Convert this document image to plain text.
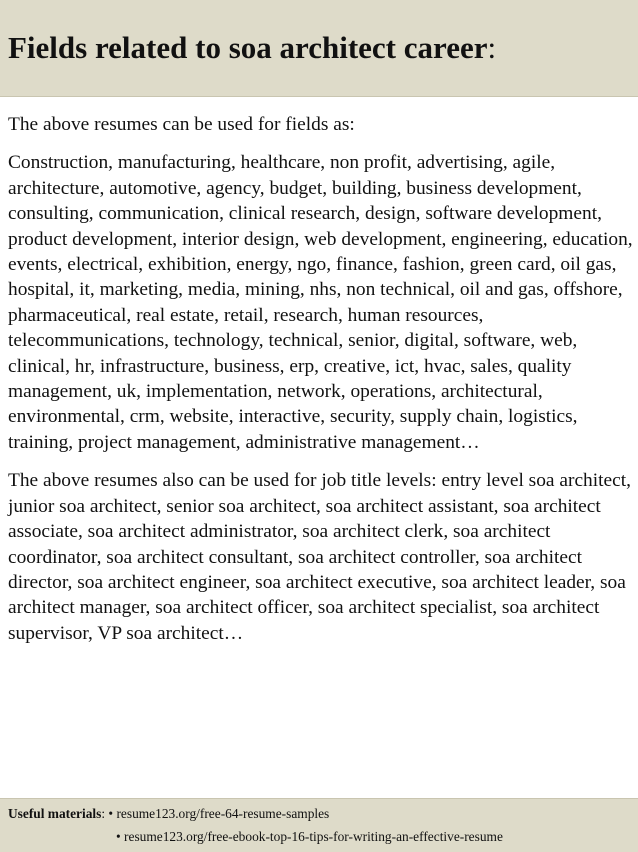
Fields related to soa architect career:

The above resumes can be used for fields as:

Construction, manufacturing, healthcare, non profit, advertising, agile, architecture, automotive, agency, budget, building, business development, consulting, communication, clinical research, design, software development, product development, interior design, web development, engineering, education, events, electrical, exhibition, energy, ngo, finance, fashion, green card, oil gas, hospital, it, marketing, media, mining, nhs, non technical, oil and gas, offshore, pharmaceutical, real estate, retail, research, human resources, telecommunications, technology, technical, senior, digital, software, web, clinical, hr, infrastructure, business, erp, creative, ict, hvac, sales, quality management, uk, implementation, network, operations, architectural, environmental, crm, website, interactive, security, supply chain, logistics, training, project management, administrative management…

The above resumes also can be used for job title levels: entry level soa architect, junior soa architect, senior soa architect, soa architect assistant, soa architect associate, soa architect administrator, soa architect clerk, soa architect coordinator, soa architect consultant, soa architect controller, soa architect director, soa architect engineer, soa architect executive, soa architect leader, soa architect manager, soa architect officer, soa architect specialist, soa architect supervisor, VP soa architect…

Useful materials: • resume123.org/free-64-resume-samples
• resume123.org/free-ebook-top-16-tips-for-writing-an-effective-resume
